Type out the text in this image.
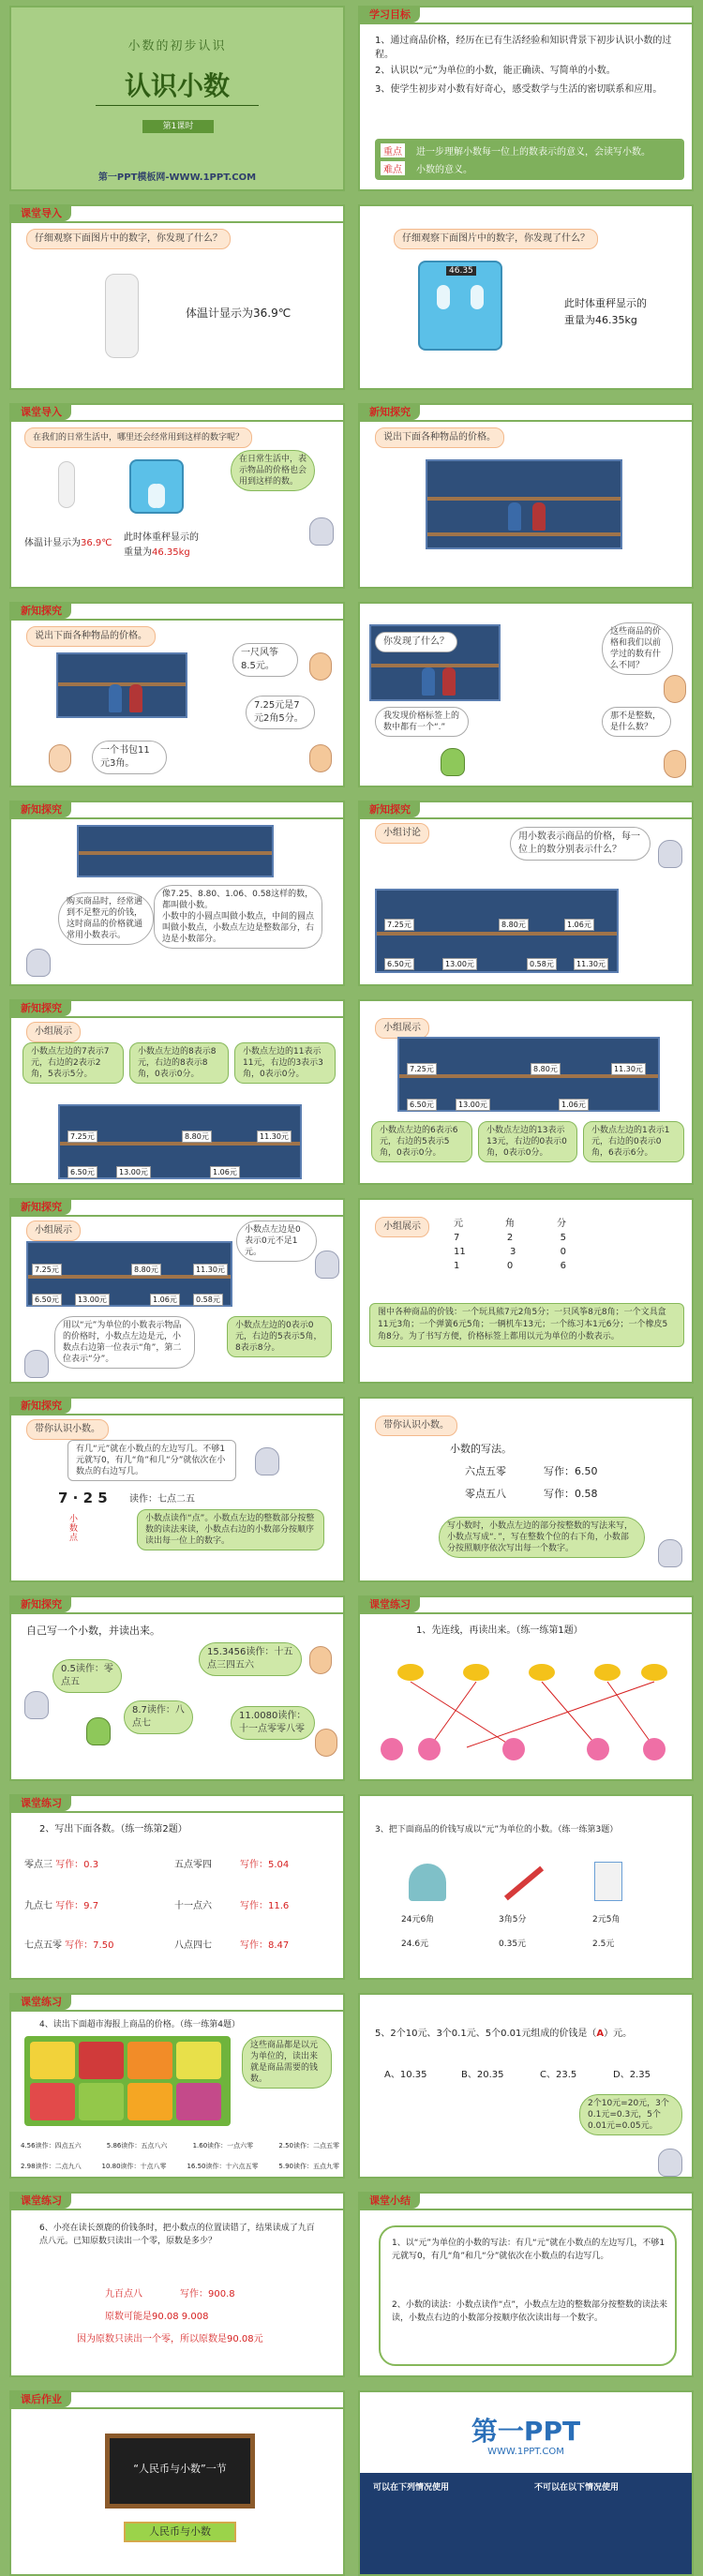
小数的初步认识
认识小数
第1课时
第一PPT模板网-WWW.1PPT.COM
学习目标
1、通过商品价格，经历在已有生活经验和知识背景下初步认识小数的过程。
2、认识以“元”为单位的小数，能正确读、写简单的小数。
3、使学生初步对小数有好奇心，感受数学与生活的密切联系和应用。
重点	进一步理解小数每一位上的数表示的意义，会读写小数。
难点	小数的意义。
课堂导入
仔细观察下面图片中的数字，你发现了什么？
体温计显示为36.9℃
仔细观察下面图片中的数字，你发现了什么？
46.35
此时体重秤显示的
重量为46.35kg
课堂导入
在我们的日常生活中，哪里还会经常用到这样的数字呢？
在日常生活中，表示物品的价格也会用到这样的数。
体温计显示为36.9℃
此时体重秤显示的
重量为46.35kg
新知探究
说出下面各种物品的价格。
新知探究
说出下面各种物品的价格。
一尺风筝8.5元。
7.25元是7元2角5分。
一个书包11元3角。
你发现了什么？
这些商品的价格和我们以前学过的数有什么不同？
我发现价格标签上的数中都有一个“.”
那不是整数，是什么数？
新知探究
像7.25、8.80、1.06、0.58这样的数，都叫做小数。
小数中的小圆点叫做小数点，中间的圆点叫做小数点，小数点左边是整数部分，右边是小数部分。
购买商品时，经常遇到不足整元的价钱，这时商品的价格就通常用小数表示。
新知探究
小组讨论	用小数表示商品的价格，每一位上的数分别表示什么？
7.25元	8.80元	1.06元
6.50元	13.00元	0.58元	11.30元
新知探究
小组展示
小数点左边的7表示7元，右边的2表示2角，5表示5分。
小数点左边的8表示8元，右边的8表示8角，0表示0分。
小数点左边的11表示11元，右边的3表示3角，0表示0分。
7.25元	8.80元	11.30元
6.50元	13.00元	1.06元
小组展示
7.25元	8.80元	11.30元
6.50元	13.00元	1.06元
小数点左边的6表示6元，右边的5表示5角，0表示0分。
小数点左边的13表示13元，右边的0表示0角，0表示0分。
小数点左边的1表示1元，右边的0表示0角，6表示6分。
新知探究
小组展示	小数点左边是0表示0元不足1元。
7.25元	8.80元	11.30元
6.50元	13.00元	1.06元	0.58元
用以“元”为单位的小数表示物品的价格时，小数点左边是元，小数点右边第一位表示“角”，第二位表示“分”。
小数点左边的0表示0元，右边的5表示5角，8表示8分。
小组展示	元	角	分
7	2	5
11	3	0
1	0	6
图中各种商品的价钱：一个玩具熊7元2角5分；一只风筝8元8角；一个文具盒11元3角；一个弹簧6元5角；一辆机车13元；一个练习本1元6分；一个橡皮5角8分。为了书写方便，价格标签上都用以元为单位的小数表示。
新知探究
带你认识小数。
有几“元”就在小数点的左边写几。不够1元就写0，有几“角”和几“分”就依次在小数点的右边写几。
7 · 2 5 读作：七点二五
小数点
小数点读作“点”。小数点左边的整数部分按整数的读法来读，小数点右边的小数部分按顺序读出每一位上的数字。
带你认识小数。
小数的写法。
六点五零	写作：6.50
零点五八	写作：0.58
写小数时，小数点左边的部分按整数的写法来写，小数点写成“．”，写在整数个位的右下角，小数部分按照顺序依次写出每一个数字。
新知探究
自己写一个小数，并读出来。
0.5读作：零点五
15.3456读作：十五点三四五六
8.7读作：八点七
11.0080读作：十一点零零八零
课堂练习
1、先连线，再读出来。（练一练第1题）
课堂练习
2、写出下面各数。（练一练第2题）
零点三 写作：0.3	五点零四	写作：5.04
九点七 写作：9.7	十一点六	写作：11.6
七点五零 写作：7.50	八点四七	写作：8.47
3、把下面商品的价钱写成以“元”为单位的小数。（练一练第3题）
24元6角	3角5分	2元5角
24.6元	0.35元	2.5元
课堂练习
4、读出下面超市海报上商品的价格。（练一练第4题）
这些商品都是以元为单位的，读出来就是商品需要的钱数。
4.56读作：四点五六	5.86读作：五点八六	1.60读作：一点六零	2.50读作：二点五零
2.98读作：二点九八	10.80读作：十点八零	16.50读作：十六点五零	5.90读作：五点九零
5、2个10元、3个0.1元、5个0.01元组成的价钱是（A）元。
A、10.35	B、20.35	C、23.5	D、2.35
2个10元=20元，3个0.1元=0.3元，5个0.01元=0.05元。
课堂练习
6、小亮在读长颈鹿的价钱条时，把小数点的位置读错了，结果读成了九百点八元。已知原数只读出一个零，原数是多少？
九百点八	写作：900.8
原数可能是90.08 9.008
因为原数只读出一个零，所以原数是90.08元
课堂小结
1、以“元”为单位的小数的写法：有几“元”就在小数点的左边写几，不够1元就写0，有几“角”和几“分”就依次在小数点的右边写几。
2、小数的读法：小数点读作“点”，小数点左边的整数部分按整数的读法来读，小数点右边的小数部分按顺序依次读出每一个数字。
课后作业
“人民币与小数”一节
人民币与小数
第一PPT
WWW.1PPT.COM
可以在下列情况使用	不可以在以下情况使用
